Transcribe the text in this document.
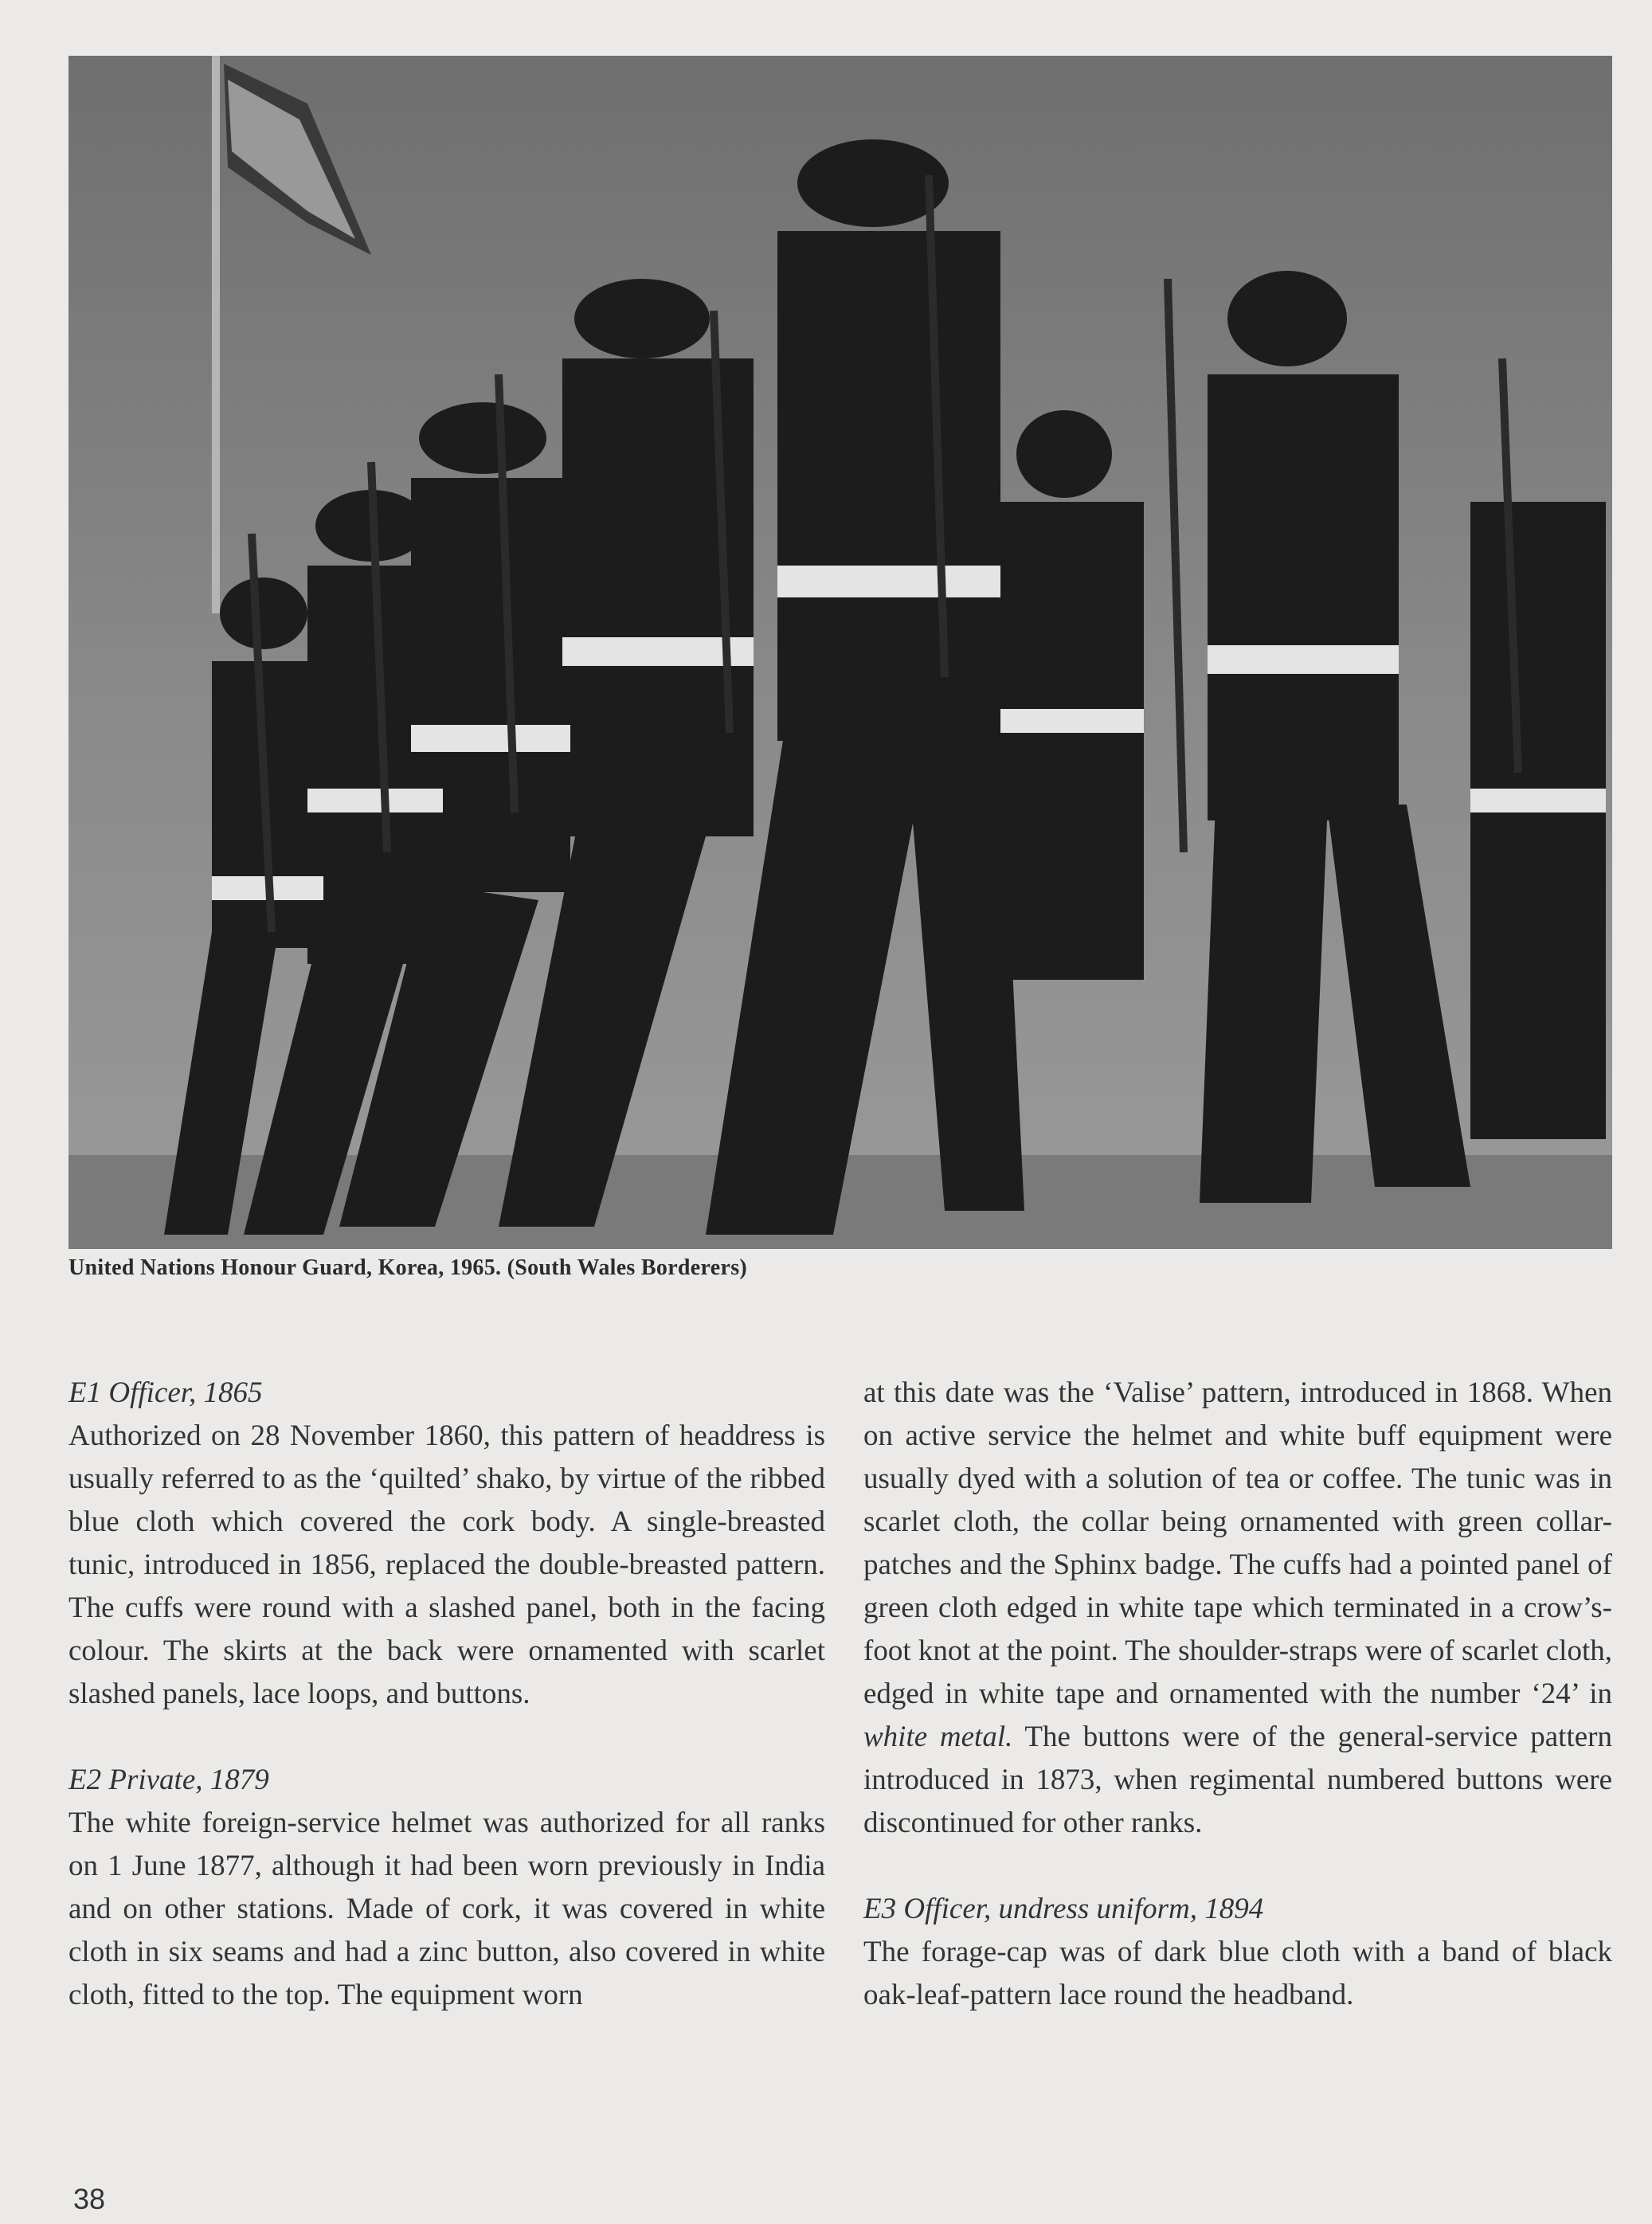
United Nations Honour Guard, Korea, 1965. (South Wales Borderers)
E1 Officer, 1865

Authorized on 28 November 1860, this pattern of headdress is usually referred to as the ‘quilted’ shako, by virtue of the ribbed blue cloth which covered the cork body. A single-breasted tunic, introduced in 1856, replaced the double-breasted pattern. The cuffs were round with a slashed panel, both in the facing colour. The skirts at the back were ornamented with scarlet slashed panels, lace loops, and buttons.

E2 Private, 1879

The white foreign-service helmet was authorized for all ranks on 1 June 1877, although it had been worn previously in India and on other stations. Made of cork, it was covered in white cloth in six seams and had a zinc button, also covered in white cloth, fitted to the top. The equipment worn

at this date was the ‘Valise’ pattern, introduced in 1868. When on active service the helmet and white buff equipment were usually dyed with a solution of tea or coffee. The tunic was in scarlet cloth, the collar being ornamented with green collar-patches and the Sphinx badge. The cuffs had a pointed panel of green cloth edged in white tape which terminated in a crow’s-foot knot at the point. The shoulder-straps were of scarlet cloth, edged in white tape and ornamented with the number ‘24’ in white metal. The buttons were of the general-service pattern introduced in 1873, when regimental numbered buttons were discontinued for other ranks.

E3 Officer, undress uniform, 1894

The forage-cap was of dark blue cloth with a band of black oak-leaf-pattern lace round the headband.

38
